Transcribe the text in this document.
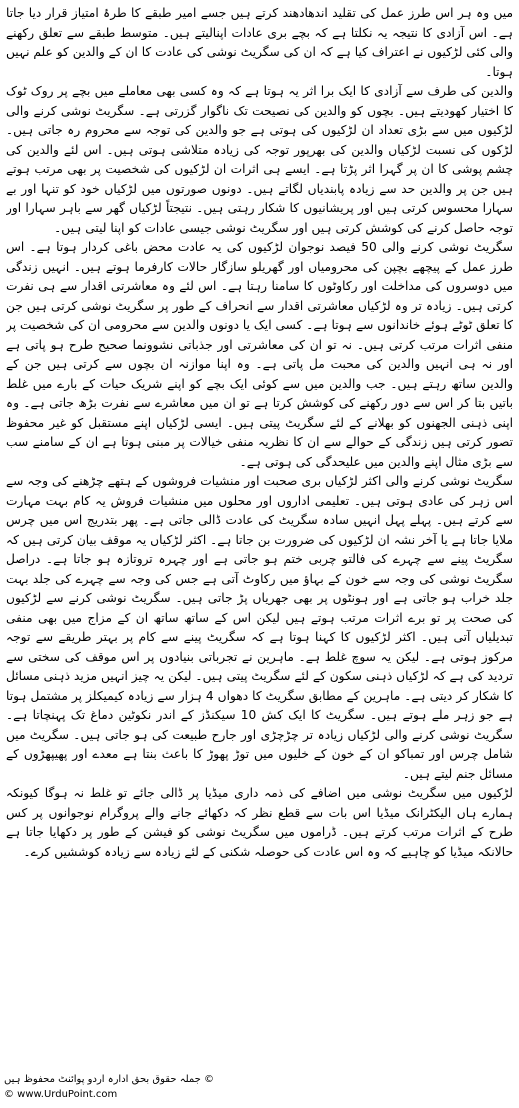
میں وہ ہر اس طرز عمل کی تقلید اندھادھند کرتے ہیں جسے امیر طبقے کا طرۂ امتیاز قرار دیا جاتا ہے۔ اس آزادی کا نتیجہ یہ نکلتا ہے کہ بچے بری عادات اپنالیتے ہیں۔ متوسط طبقے سے تعلق رکھنے والی کئی لڑکیوں نے اعتراف کیا ہے کہ ان کی سگریٹ نوشی کی عادت کا ان کے والدین کو علم نہیں ہوتا۔

والدین کی طرف سے آزادی کا ایک برا اثر یہ ہوتا ہے کہ وہ کسی بھی معاملے میں بچے پر روک ٹوک کا اختیار کھودیتے ہیں۔ بچوں کو والدین کی نصیحت تک ناگوار گزرتی ہے۔ سگریٹ نوشی کرنے والی لڑکیوں میں سے بڑی تعداد ان لڑکیوں کی ہوتی ہے جو والدین کی توجہ سے محروم رہ جاتی ہیں۔ لڑکوں کی نسبت لڑکیاں والدین کی بھرپور توجہ کی زیادہ متلاشی ہوتی ہیں۔ اس لئے والدین کی چشم پوشی کا ان پر گہرا اثر پڑتا ہے۔ ایسے ہی اثرات ان لڑکیوں کی شخصیت پر بھی مرتب ہوتے ہیں جن پر والدین حد سے زیادہ پابندیاں لگاتے ہیں۔ دونوں صورتوں میں لڑکیاں خود کو تنہا اور بے سہارا محسوس کرتی ہیں اور پریشانیوں کا شکار رہتی ہیں۔ نتیجتاً لڑکیاں گھر سے باہر سہارا اور توجہ حاصل کرنے کی کوشش کرتی ہیں اور سگریٹ نوشی جیسی عادات کو اپنا لیتی ہیں۔

سگریٹ نوشی کرنے والی 50 فیصد نوجوان لڑکیوں کی یہ عادت محض باغی کردار ہوتا ہے۔ اس طرز عمل کے پیچھے بچپن کی محرومیاں اور گھریلو سازگار حالات کارفرما ہوتے ہیں۔ انہیں زندگی میں دوسروں کی مداخلت اور رکاوٹوں کا سامنا رہتا ہے۔ اس لئے وہ معاشرتی اقدار سے ہی نفرت کرتی ہیں۔ زیادہ تر وہ لڑکیاں معاشرتی اقدار سے انحراف کے طور پر سگریٹ نوشی کرتی ہیں جن کا تعلق ٹوٹے ہوئے خاندانوں سے ہوتا ہے۔ کسی ایک یا دونوں والدین سے محرومی ان کی شخصیت پر منفی اثرات مرتب کرتی ہیں۔ نہ تو ان کی معاشرتی اور جذباتی نشوونما صحیح طرح ہو پاتی ہے اور نہ ہی انہیں والدین کی محبت مل پاتی ہے۔ وہ اپنا موازنہ ان بچوں سے کرتی ہیں جن کے والدین ساتھ رہتے ہیں۔ جب والدین میں سے کوئی ایک بچے کو اپنے شریک حیات کے بارے میں غلط باتیں بتا کر اس سے دور رکھنے کی کوشش کرتا ہے تو ان میں معاشرے سے نفرت بڑھ جاتی ہے۔ وہ اپنی ذہنی الجھنوں کو بھلانے کے لئے سگریٹ پیتی ہیں۔ ایسی لڑکیاں اپنے مستقبل کو غیر محفوظ تصور کرتی ہیں زندگی کے حوالے سے ان کا نظریہ منفی خیالات پر مبنی ہوتا ہے ان کے سامنے سب سے بڑی مثال اپنے والدین میں علیحدگی کی ہوتی ہے۔

سگریٹ نوشی کرنے والی اکثر لڑکیاں بری صحبت اور منشیات فروشوں کے ہتھے چڑھنے کی وجہ سے اس زہر کی عادی ہوتی ہیں۔ تعلیمی اداروں اور محلوں میں منشیات فروش یہ کام بہت مہارت سے کرتے ہیں۔ پہلے پہل انہیں سادہ سگریٹ کی عادت ڈالی جاتی ہے۔ پھر بتدریج اس میں چرس ملایا جاتا ہے یا آخر نشہ ان لڑکیوں کی ضرورت بن جاتا ہے۔ اکثر لڑکیاں یہ موقف بیان کرتی ہیں کہ سگریٹ پینے سے چہرے کی فالتو چربی ختم ہو جاتی ہے اور چہرہ تروتازہ ہو جاتا ہے۔ دراصل سگریٹ نوشی کی وجہ سے خون کے بہاؤ میں رکاوٹ آتی ہے جس کی وجہ سے چہرے کی جلد بہت جلد خراب ہو جاتی ہے اور ہونٹوں پر بھی جھریاں پڑ جاتی ہیں۔ سگریٹ نوشی کرنے سے لڑکیوں کی صحت پر تو برے اثرات مرتب ہوتے ہیں لیکن اس کے ساتھ ساتھ ان کے مزاج میں بھی منفی تبدیلیاں آتی ہیں۔ اکثر لڑکیوں کا کہنا ہوتا ہے کہ سگریٹ پینے سے کام پر بہتر طریقے سے توجہ مرکوز ہوتی ہے۔ لیکن یہ سوچ غلط ہے۔ ماہرین نے تجرباتی بنیادوں پر اس موقف کی سختی سے تردید کی ہے کہ لڑکیاں ذہنی سکون کے لئے سگریٹ پیتی ہیں۔ لیکن یہ چیز انہیں مزید ذہنی مسائل کا شکار کر دیتی ہے۔ ماہرین کے مطابق سگریٹ کا دھواں 4 ہزار سے زیادہ کیمیکلز پر مشتمل ہوتا ہے جو زہر ملے ہوتے ہیں۔ سگریٹ کا ایک کش 10 سیکنڈز کے اندر نکوٹین دماغ تک پہنچاتا ہے۔ سگریٹ نوشی کرنے والی لڑکیاں زیادہ تر چڑچڑی اور جارح طبیعت کی ہو جاتی ہیں۔ سگریٹ میں شامل چرس اور تمباکو ان کے خون کے خلیوں میں توڑ پھوڑ کا باعث بنتا ہے معدے اور پھیپھڑوں کے مسائل جنم لیتے ہیں۔

لڑکیوں میں سگریٹ نوشی میں اضافے کی ذمہ داری میڈیا پر ڈالی جائے تو غلط نہ ہوگا کیونکہ ہمارے ہاں الیکٹرانک میڈیا اس بات سے قطع نظر کہ دکھائے جانے والے پروگرام نوجوانوں پر کس طرح کے اثرات مرتب کرتے ہیں۔ ڈراموں میں سگریٹ نوشی کو فیشن کے طور پر دکھایا جاتا ہے حالانکہ میڈیا کو چاہیے کہ وہ اس عادت کی حوصلہ شکنی کے لئے زیادہ سے زیادہ کوششیں کرے۔

© جملہ حقوق بحق ادارہ اردو پوائنٹ محفوظ ہیں
© www.UrduPoint.com
